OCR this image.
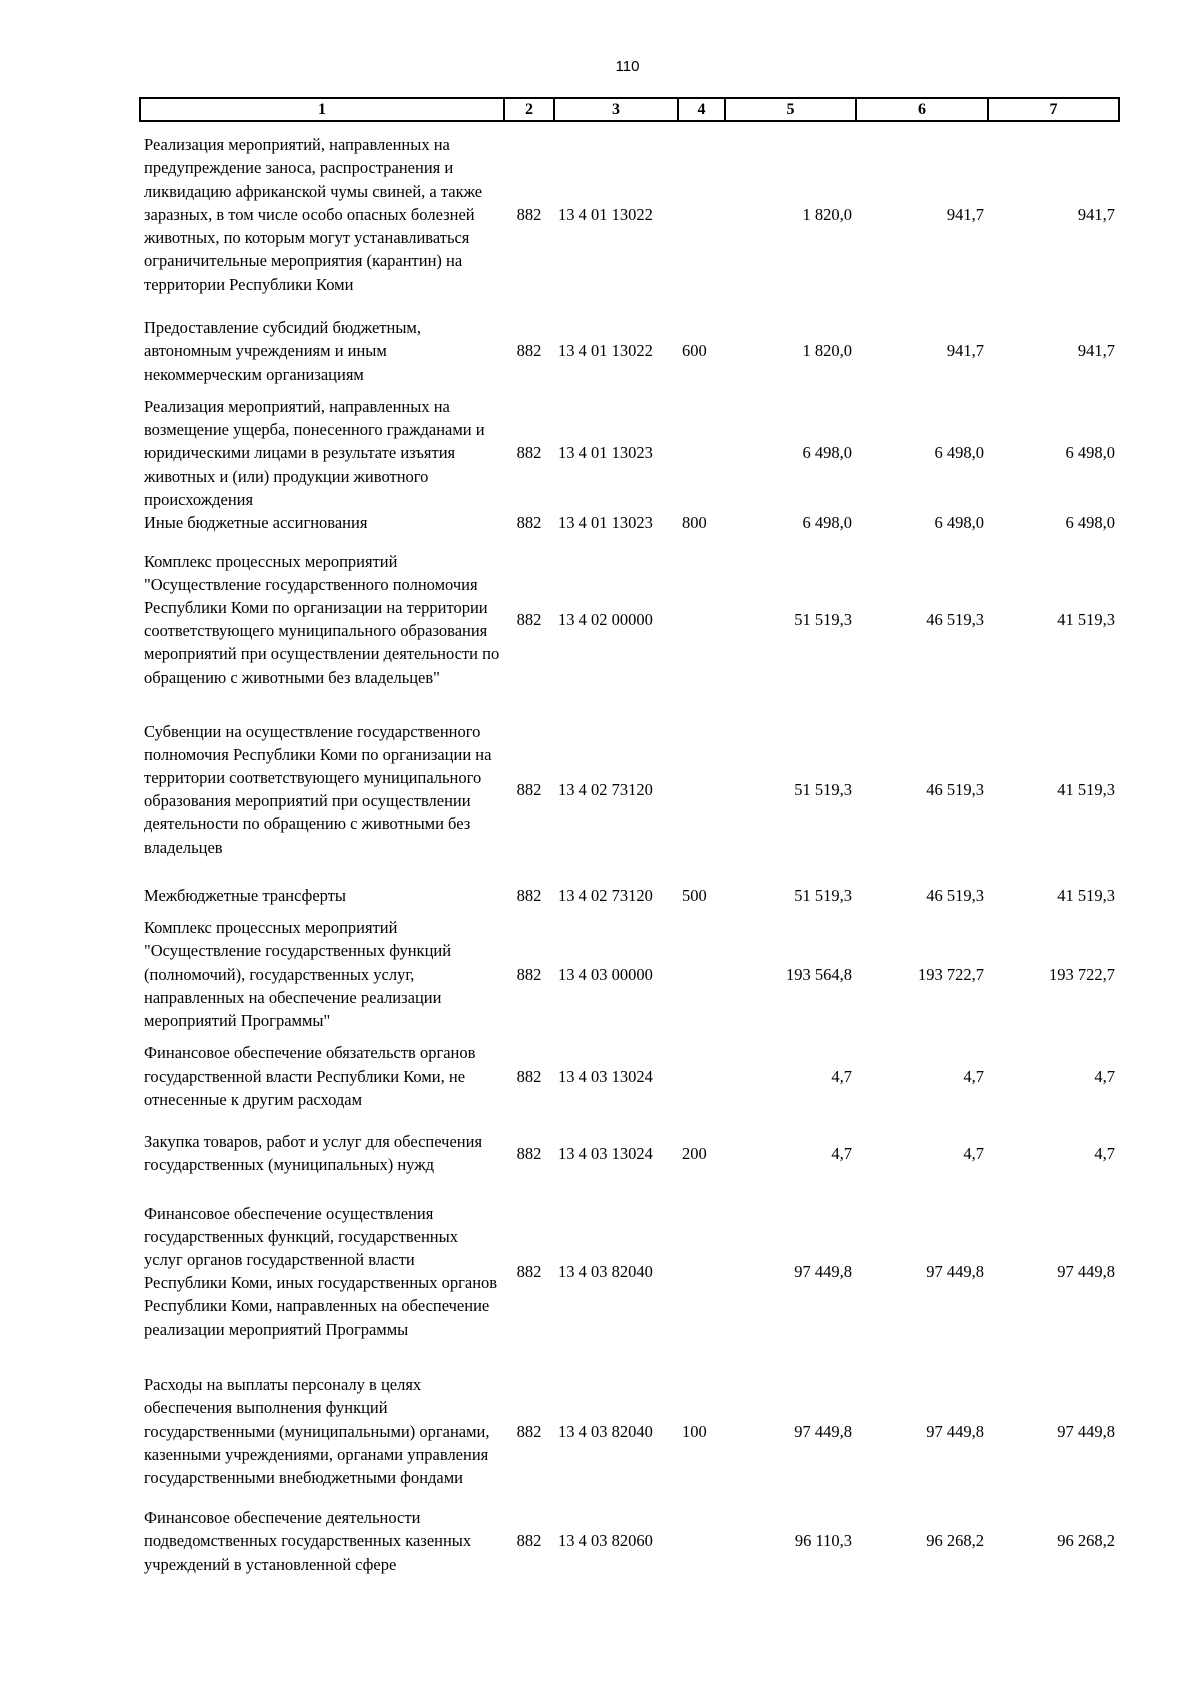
110
1	2	3	4	5	6	7
Реализация мероприятий, направленных на предупреждение заноса, распространения и ликвидацию африканской чумы свиней, а также заразных, в том числе особо опасных болезней животных, по которым могут устанавливаться ограничительные мероприятия (карантин) на территории Республики Коми	882	13 4 01 13022		1 820,0	941,7	941,7
Предоставление субсидий бюджетным, автономным учреждениям и иным некоммерческим организациям	882	13 4 01 13022	600	1 820,0	941,7	941,7
Реализация мероприятий, направленных на возмещение ущерба, понесенного гражданами и юридическими лицами в результате изъятия животных и (или) продукции животного происхождения	882	13 4 01 13023		6 498,0	6 498,0	6 498,0
Иные бюджетные ассигнования	882	13 4 01 13023	800	6 498,0	6 498,0	6 498,0
Комплекс процессных мероприятий "Осуществление государственного полномочия Республики Коми по организации на территории соответствующего муниципального образования мероприятий при осуществлении деятельности по обращению с животными без владельцев"	882	13 4 02 00000		51 519,3	46 519,3	41 519,3
Субвенции на осуществление государственного полномочия Республики Коми по организации на территории соответствующего муниципального образования мероприятий при осуществлении деятельности по обращению с животными без владельцев	882	13 4 02 73120		51 519,3	46 519,3	41 519,3
Межбюджетные трансферты	882	13 4 02 73120	500	51 519,3	46 519,3	41 519,3
Комплекс процессных мероприятий "Осуществление государственных функций (полномочий), государственных услуг, направленных на обеспечение реализации мероприятий Программы"	882	13 4 03 00000		193 564,8	193 722,7	193 722,7
Финансовое обеспечение обязательств органов государственной власти Республики Коми, не отнесенные к другим расходам	882	13 4 03 13024		4,7	4,7	4,7
Закупка товаров, работ и услуг для обеспечения государственных (муниципальных) нужд	882	13 4 03 13024	200	4,7	4,7	4,7
Финансовое обеспечение осуществления государственных функций, государственных услуг органов государственной власти Республики Коми, иных государственных органов Республики Коми, направленных на обеспечение реализации мероприятий Программы	882	13 4 03 82040		97 449,8	97 449,8	97 449,8
Расходы на выплаты персоналу в целях обеспечения выполнения функций государственными (муниципальными) органами, казенными учреждениями, органами управления государственными внебюджетными фондами	882	13 4 03 82040	100	97 449,8	97 449,8	97 449,8
Финансовое обеспечение деятельности подведомственных государственных казенных учреждений в установленной сфере	882	13 4 03 82060		96 110,3	96 268,2	96 268,2
